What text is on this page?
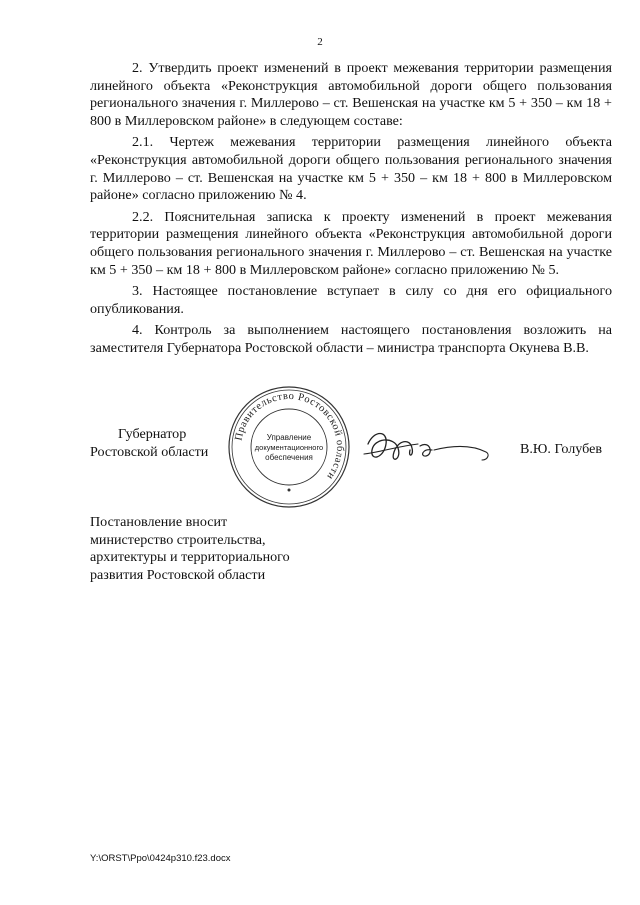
2

2. Утвердить проект изменений в проект межевания территории размещения линейного объекта «Реконструкция автомобильной дороги общего пользования регионального значения г. Миллерово – ст. Вешенская на участке км 5 + 350 – км 18 + 800 в Миллеровском районе» в следующем составе:

2.1. Чертеж межевания территории размещения линейного объекта «Реконструкция автомобильной дороги общего пользования регионального значения г. Миллерово – ст. Вешенская на участке км 5 + 350 – км 18 + 800 в Миллеровском районе» согласно приложению № 4.

2.2. Пояснительная записка к проекту изменений в проект межевания территории размещения линейного объекта «Реконструкция автомобильной дороги общего пользования регионального значения г. Миллерово – ст. Вешенская на участке км 5 + 350 – км 18 + 800 в Миллеровском районе» согласно приложению № 5.

3. Настоящее постановление вступает в силу со дня его официального опубликования.

4. Контроль за выполнением настоящего постановления возложить на заместителя Губернатора Ростовской области – министра транспорта Окунева В.В.

Губернатор
Ростовской области
Правительство Ростовской области
Управление
документационного
обеспечения
В.Ю. Голубев
Постановление вносит
министерство строительства,
архитектуры и территориального
развития Ростовской области
Y:\ORST\Ppo\0424p310.f23.docx
